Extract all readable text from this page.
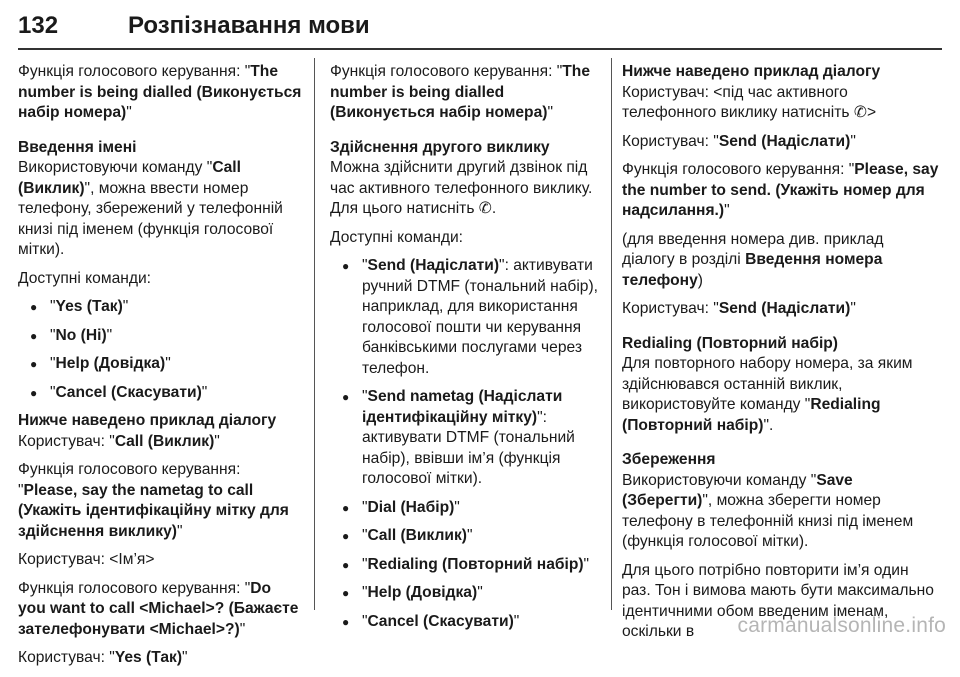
132	Розпізнавання мови

Функція голосового керування: "The number is being dialled (Виконується набір номера)"

Введення імені

Використовуючи команду "Call (Виклик)", можна ввести номер телефону, збережений у телефонній книзі під іменем (функція голосової мітки).

Доступні команди:

● "Yes (Так)"
● "No (Ні)"
● "Help (Довідка)"
● "Cancel (Скасувати)"
Нижче наведено приклад діалогу

Користувач: "Call (Виклик)"

Функція голосового керування: "Please, say the nametag to call (Укажіть ідентифікаційну мітку для здійснення виклику)"

Користувач: <Ім’я>

Функція голосового керування: "Do you want to call <Michael>? (Бажаєте зателефонувати <Michael>?)"

Користувач: "Yes (Так)"

Функція голосового керування: "The number is being dialled (Виконується набір номера)"

Здійснення другого виклику

Можна здійснити другий дзвінок під час активного телефонного виклику. Для цього натисніть ✆.

Доступні команди:

● "Send (Надіслати)": активувати ручний DTMF (тональний набір), наприклад, для використання голосової пошти чи керування банківськими послугами через телефон.
● "Send nametag (Надіслати ідентифікаційну мітку)": активувати DTMF (тональний набір), ввівши ім’я (функція голосової мітки).
● "Dial (Набір)"
● "Call (Виклик)"
● "Redialing (Повторний набір)"
● "Help (Довідка)"
● "Cancel (Скасувати)"
Нижче наведено приклад діалогу

Користувач: <під час активного телефонного виклику натисніть ✆>

Користувач: "Send (Надіслати)"

Функція голосового керування: "Please, say the number to send. (Укажіть номер для надсилання.)"

(для введення номера див. приклад діалогу в розділі Введення номера телефону)

Користувач: "Send (Надіслати)"

Redialing (Повторний набір)

Для повторного набору номера, за яким здійснювався останній виклик, використовуйте команду "Redialing (Повторний набір)".

Збереження

Використовуючи команду "Save (Зберегти)", можна зберегти номер телефону в телефонній книзі під іменем (функція голосової мітки).

Для цього потрібно повторити ім’я один раз. Тон і вимова мають бути максимально ідентичними обом введеним іменам, оскільки в	carmanualsonline.info
